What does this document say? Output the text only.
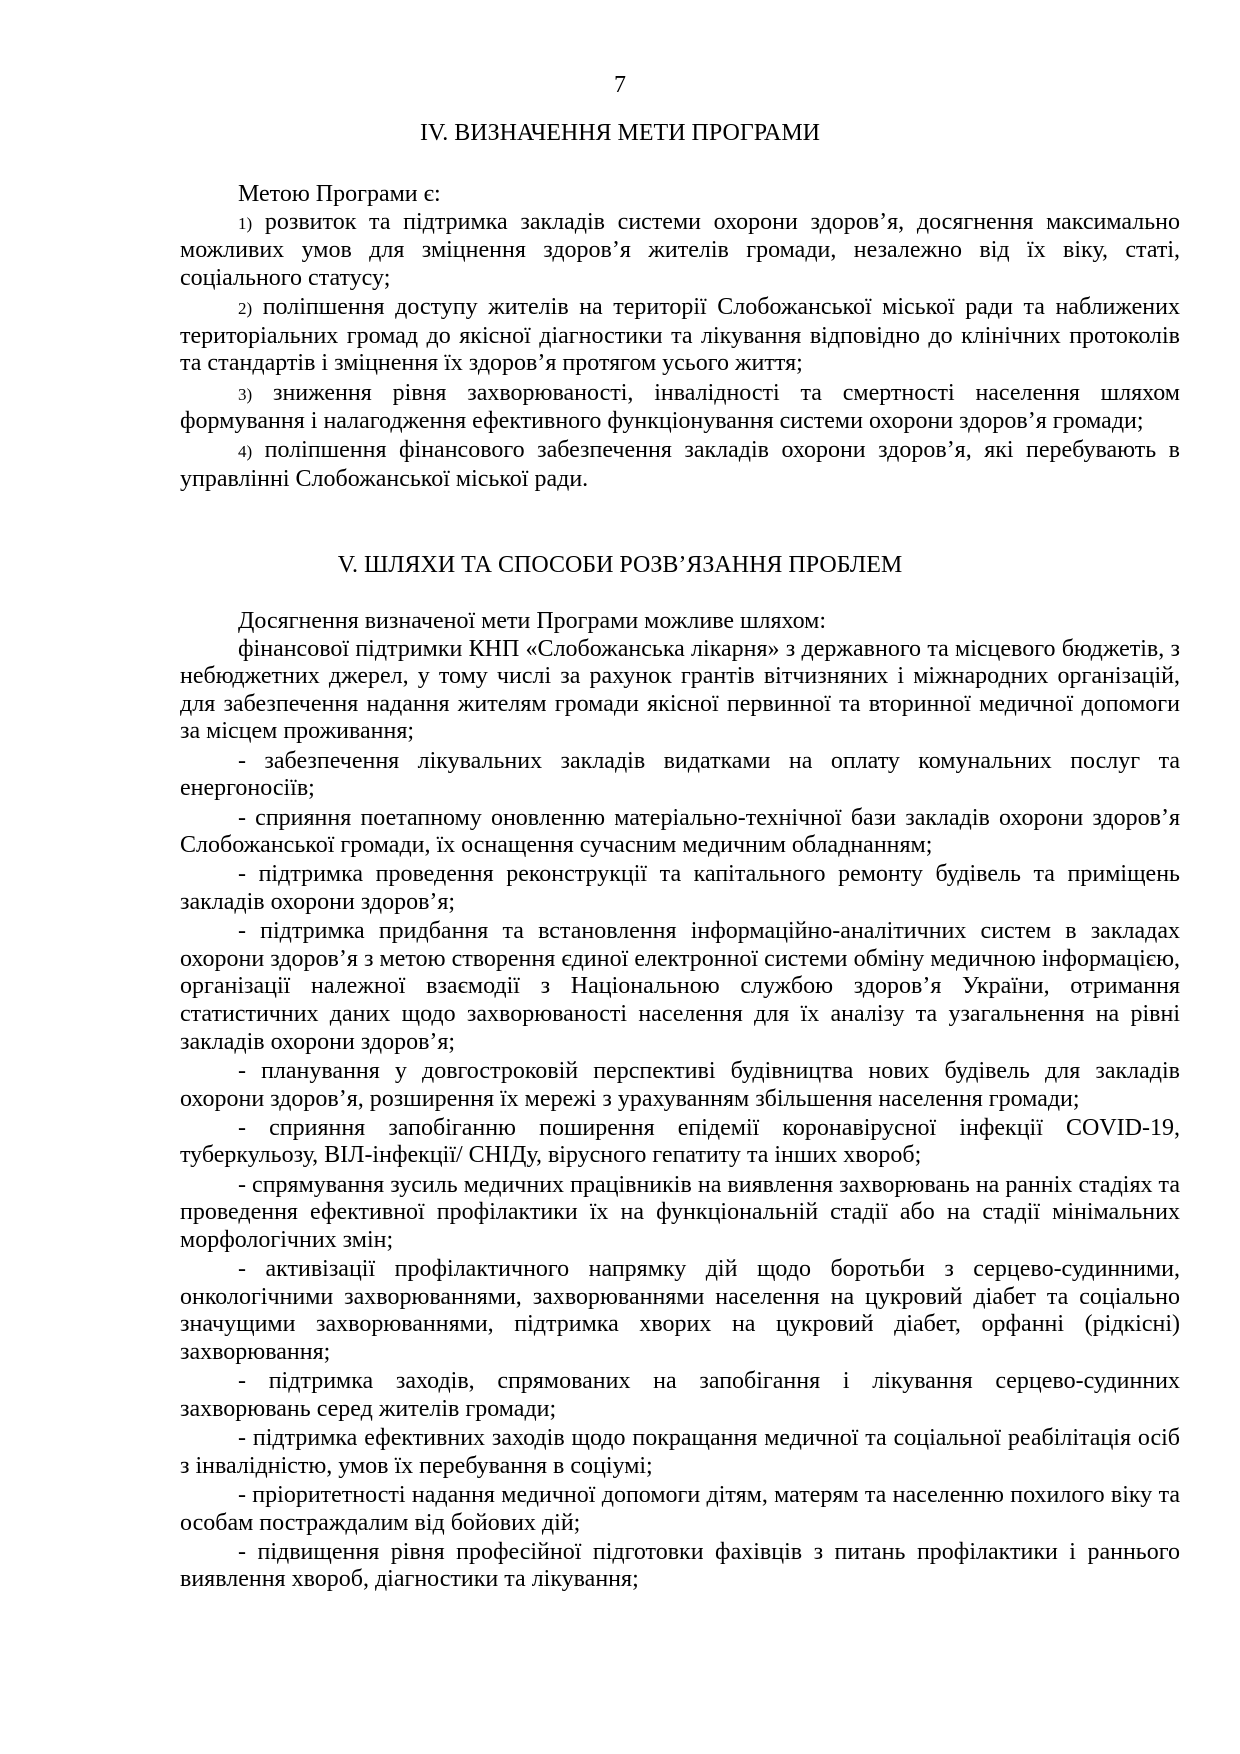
7
IV. ВИЗНАЧЕННЯ МЕТИ ПРОГРАМИ

Метою Програми є:

1) розвиток та підтримка закладів системи охорони здоров’я, досягнення максимально можливих умов для зміцнення здоров’я жителів громади, незалежно від їх віку, статі, соціального статусу;

2) поліпшення доступу жителів на території Слобожанської міської ради та наближених територіальних громад до якісної діагностики та лікування відповідно до клінічних протоколів та стандартів і зміцнення їх здоров’я протягом усього життя;

3) зниження рівня захворюваності, інвалідності та смертності населення шляхом формування і налагодження ефективного функціонування системи охорони здоров’я громади;

4) поліпшення фінансового забезпечення закладів охорони здоров’я, які перебувають в управлінні Слобожанської міської ради.

V. ШЛЯХИ ТА СПОСОБИ РОЗВ’ЯЗАННЯ ПРОБЛЕМ

Досягнення визначеної мети Програми можливе шляхом:

фінансової підтримки КНП «Слобожанська лікарня» з державного та місцевого бюджетів, з небюджетних джерел, у тому числі за рахунок грантів вітчизняних і міжнародних організацій, для забезпечення надання жителям громади якісної первинної та вторинної медичної допомоги за місцем проживання;

- забезпечення лікувальних закладів видатками на оплату комунальних послуг та енергоносіїв;

- сприяння поетапному оновленню матеріально-технічної бази закладів охорони здоров’я Слобожанської громади, їх оснащення сучасним медичним обладнанням;

- підтримка проведення реконструкції та капітального ремонту будівель та приміщень закладів охорони здоров’я;

- підтримка придбання та встановлення інформаційно-аналітичних систем в закладах охорони здоров’я з метою створення єдиної електронної системи обміну медичною інформацією, організації належної взаємодії з Національною службою здоров’я України, отримання статистичних даних щодо захворюваності населення для їх аналізу та узагальнення на рівні закладів охорони здоров’я;

- планування у довгостроковій перспективі будівництва нових будівель для закладів охорони здоров’я, розширення їх мережі з урахуванням збільшення населення громади;

- сприяння запобіганню поширення епідемії коронавірусної інфекції COVID-19, туберкульозу, ВІЛ-інфекції/ СНІДу, вірусного гепатиту та інших хвороб;

- спрямування зусиль медичних працівників на виявлення захворювань на ранніх стадіях та проведення ефективної профілактики їх на функціональній стадії або на стадії мінімальних морфологічних змін;

- активізації профілактичного напрямку дій щодо боротьби з серцево-судинними, онкологічними захворюваннями, захворюваннями населення на цукровий діабет та соціально значущими захворюваннями, підтримка хворих на цукровий діабет, орфанні (рідкісні) захворювання;

- підтримка заходів, спрямованих на запобігання і лікування серцево-судинних захворювань серед жителів громади;

- підтримка ефективних заходів щодо покращання медичної та соціальної реабілітація осіб з інвалідністю, умов їх перебування в соціумі;

- пріоритетності надання медичної допомоги дітям, матерям та населенню похилого віку та особам постраждалим від бойових дій;

- підвищення рівня професійної підготовки фахівців з питань профілактики і раннього виявлення хвороб, діагностики та лікування;
